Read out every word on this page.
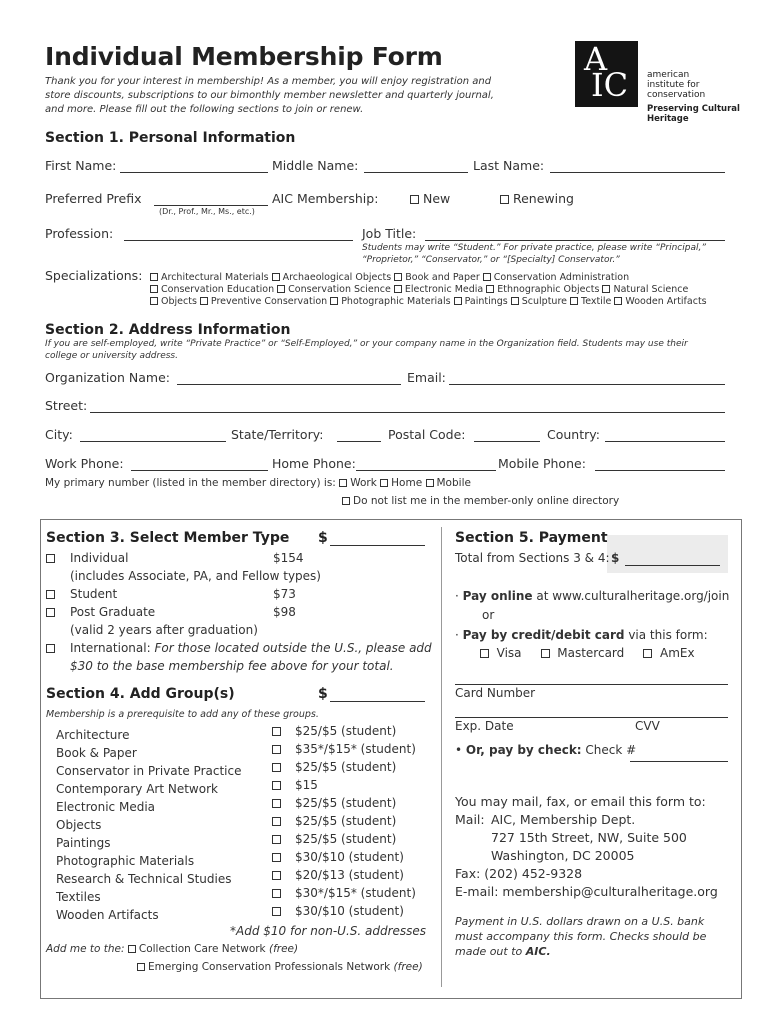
Individual Membership Form
Thank you for your interest in membership! As a member, you will enjoy registration and store discounts, subscriptions to our bimonthly member newsletter and quarterly journal, and more. Please fill out the following sections to join or renew.
A
IC american
institute for
conservation
Preserving Cultural
Heritage
Section 1. Personal Information
First Name:	Middle Name:	Last Name:
Preferred Prefix
(Dr., Prof., Mr., Ms., etc.)
AIC Membership:	New	Renewing
Profession:	Job Title:
Students may write “Student.” For private practice, please write “Principal,”
“Proprietor,” “Conservator,” or “[Specialty] Conservator.”
Specializations:	Architectural Materials Archaeological Objects Book and Paper Conservation Administration
Conservation Education Conservation Science Electronic Media Ethnographic Objects Natural Science
Objects Preventive Conservation Photographic Materials Paintings Sculpture Textile Wooden Artifacts
Section 2. Address Information
If you are self-employed, write “Private Practice” or “Self-Employed,” or your company name in the Organization field. Students may use their college or university address.
Organization Name:	Email:
Street:
City:	State/Territory:	Postal Code:	Country:
Work Phone:	Home Phone:	Mobile Phone:
My primary number (listed in the member directory) is: Work Home Mobile
Do not list me in the member-only online directory
Section 3. Select Member Type $
Individual	$154
(includes Associate, PA, and Fellow types)
Student	$73
Post Graduate	$98
(valid 2 years after graduation)
International: For those located outside the U.S., please add
$30 to the base membership fee above for your total.
Section 4. Add Group(s)	$
Membership is a prerequisite to add any of these groups.
Architecture	$25/$5 (student)
Book & Paper	$35*/$15* (student)
Conservator in Private Practice	$25/$5 (student)
Contemporary Art Network	$15
Electronic Media	$25/$5 (student)
Objects	$25/$5 (student)
Paintings	$25/$5 (student)
Photographic Materials	$30/$10 (student)
Research & Technical Studies	$20/$13 (student)
Textiles	$30*/$15* (student)
Wooden Artifacts	$30/$10 (student)
*Add $10 for non-U.S. addresses
Add me to the: Collection Care Network (free)
Emerging Conservation Professionals Network (free)
Section 5. Payment
Total from Sections 3 & 4: $
· Pay online at www.culturalheritage.org/join
or
· Pay by credit/debit card via this form:
Visa	Mastercard	AmEx
Card Number
Exp. Date	CVV
• Or, pay by check: Check #
You may mail, fax, or email this form to:
Mail: AIC, Membership Dept.
727 15th Street, NW, Suite 500
Washington, DC 20005
Fax: (202) 452-9328
E-mail: membership@culturalheritage.org
Payment in U.S. dollars drawn on a U.S. bank
must accompany this form. Checks should be
made out to AIC.
